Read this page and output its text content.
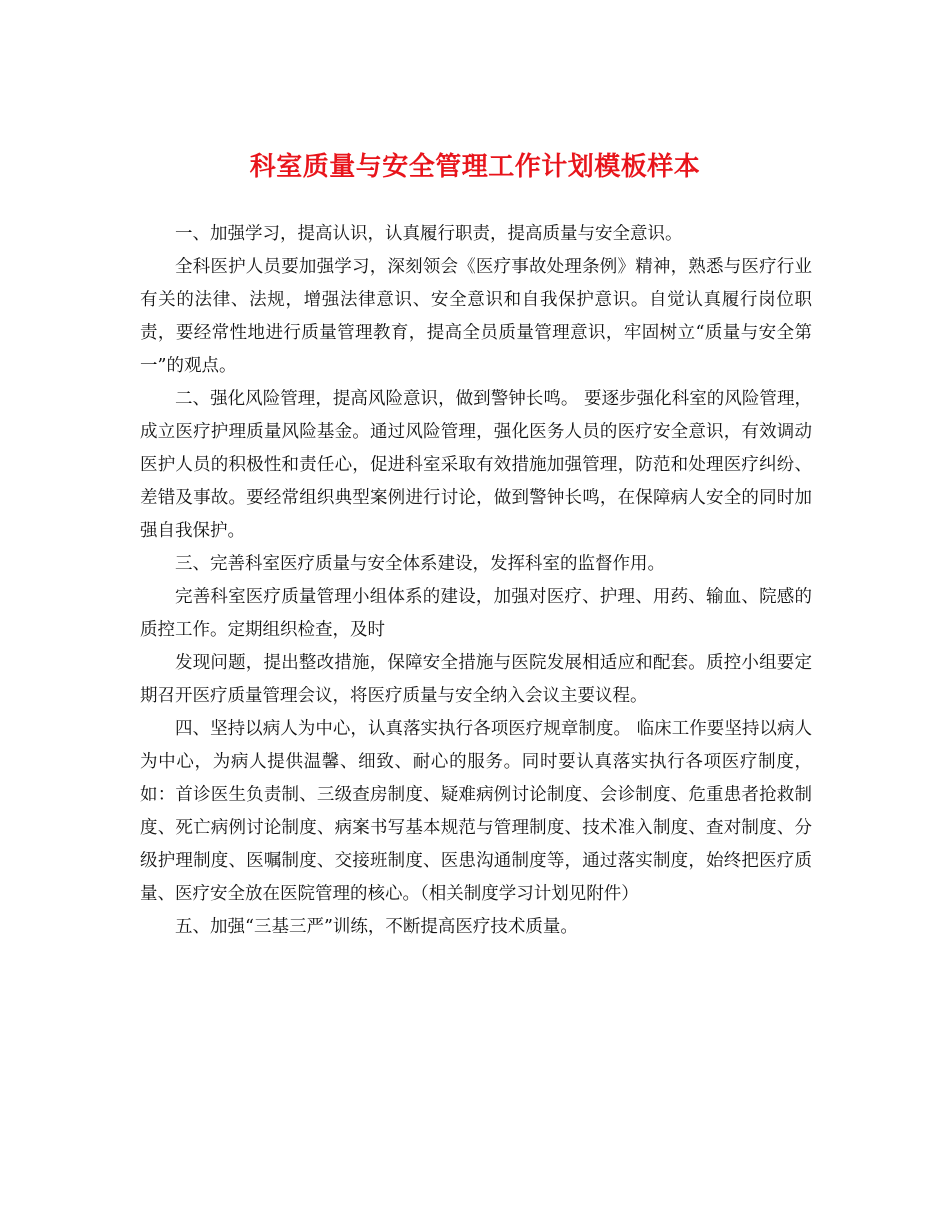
科室质量与安全管理工作计划模板样本

一、加强学习，提高认识，认真履行职责，提高质量与安全意识。

全科医护人员要加强学习，深刻领会《医疗事故处理条例》精神，熟悉与医疗行业有关的法律、法规，增强法律意识、安全意识和自我保护意识。自觉认真履行岗位职责，要经常性地进行质量管理教育，提高全员质量管理意识，牢固树立“质量与安全第一”的观点。

二、强化风险管理，提高风险意识，做到警钟长鸣。 要逐步强化科室的风险管理，成立医疗护理质量风险基金。通过风险管理，强化医务人员的医疗安全意识，有效调动医护人员的积极性和责任心，促进科室采取有效措施加强管理，防范和处理医疗纠纷、差错及事故。要经常组织典型案例进行讨论，做到警钟长鸣，在保障病人安全的同时加强自我保护。

三、完善科室医疗质量与安全体系建设，发挥科室的监督作用。

完善科室医疗质量管理小组体系的建设，加强对医疗、护理、用药、输血、院感的质控工作。定期组织检查，及时

发现问题，提出整改措施，保障安全措施与医院发展相适应和配套。质控小组要定期召开医疗质量管理会议，将医疗质量与安全纳入会议主要议程。

四、坚持以病人为中心，认真落实执行各项医疗规章制度。 临床工作要坚持以病人为中心，为病人提供温馨、细致、耐心的服务。同时要认真落实执行各项医疗制度，如：首诊医生负责制、三级查房制度、疑难病例讨论制度、会诊制度、危重患者抢救制度、死亡病例讨论制度、病案书写基本规范与管理制度、技术准入制度、查对制度、分级护理制度、医嘱制度、交接班制度、医患沟通制度等，通过落实制度，始终把医疗质量、医疗安全放在医院管理的核心。（相关制度学习计划见附件）

五、加强“三基三严”训练，不断提高医疗技术质量。
